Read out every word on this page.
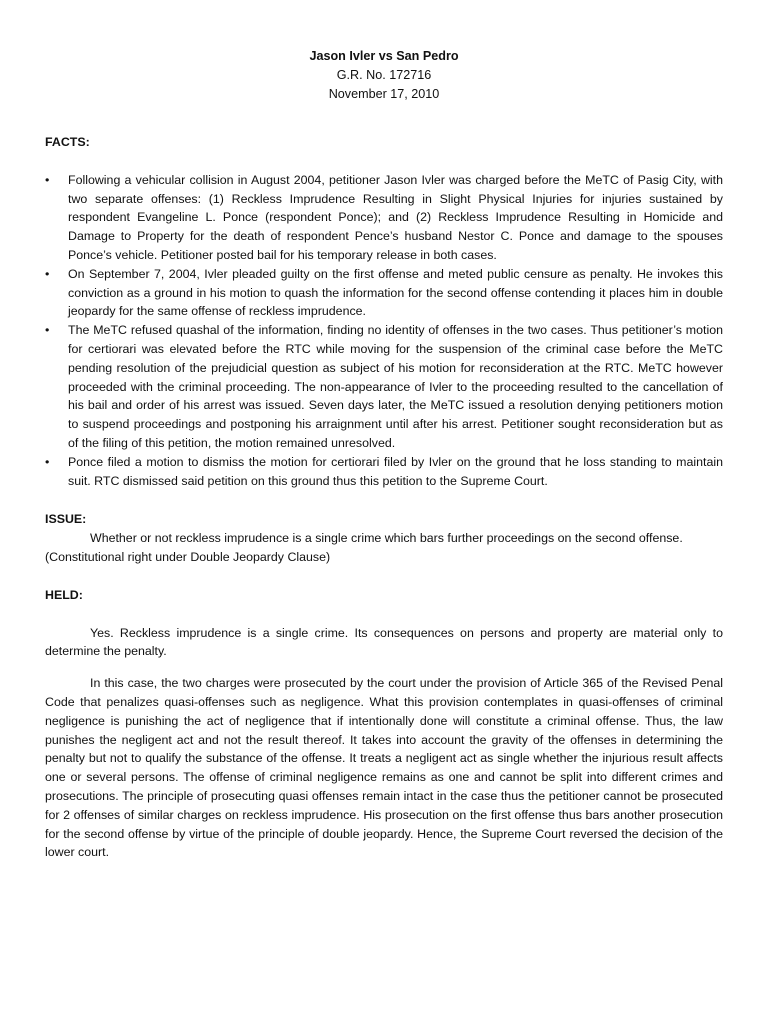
Jason Ivler vs San Pedro
G.R. No. 172716
November 17, 2010

FACTS:

•	Following a vehicular collision in August 2004, petitioner Jason Ivler was charged before the MeTC of Pasig City, with two separate offenses: (1) Reckless Imprudence Resulting in Slight Physical Injuries for injuries sustained by respondent Evangeline L. Ponce (respondent Ponce); and (2) Reckless Imprudence Resulting in Homicide and Damage to Property for the death of respondent Pence’s husband Nestor C. Ponce and damage to the spouses Ponce’s vehicle. Petitioner posted bail for his temporary release in both cases.
•	On September 7, 2004, Ivler pleaded guilty on the first offense and meted public censure as penalty. He invokes this conviction as a ground in his motion to quash the information for the second offense contending it places him in double jeopardy for the same offense of reckless imprudence.
•	The MeTC refused quashal of the information, finding no identity of offenses in the two cases. Thus petitioner’s motion for certiorari was elevated before the RTC while moving for the suspension of the criminal case before the MeTC pending resolution of the prejudicial question as subject of his motion for reconsideration at the RTC. MeTC however proceeded with the criminal proceeding. The non-appearance of Ivler to the proceeding resulted to the cancellation of his bail and order of his arrest was issued. Seven days later, the MeTC issued a resolution denying petitioners motion to suspend proceedings and postponing his arraignment until after his arrest. Petitioner sought reconsideration but as of the filing of this petition, the motion remained unresolved.
•	Ponce filed a motion to dismiss the motion for certiorari filed by Ivler on the ground that he loss standing to maintain suit. RTC dismissed said petition on this ground thus this petition to the Supreme Court.

ISSUE:

Whether or not reckless imprudence is a single crime which bars further proceedings on the second offense. (Constitutional right under Double Jeopardy Clause)

HELD:

Yes. Reckless imprudence is a single crime. Its consequences on persons and property are material only to determine the penalty.

In this case, the two charges were prosecuted by the court under the provision of Article 365 of the Revised Penal Code that penalizes quasi-offenses such as negligence. What this provision contemplates in quasi-offenses of criminal negligence is punishing the act of negligence that if intentionally done will constitute a criminal offense. Thus, the law punishes the negligent act and not the result thereof. It takes into account the gravity of the offenses in determining the penalty but not to qualify the substance of the offense. It treats a negligent act as single whether the injurious result affects one or several persons. The offense of criminal negligence remains as one and cannot be split into different crimes and prosecutions. The principle of prosecuting quasi offenses remain intact in the case thus the petitioner cannot be prosecuted for 2 offenses of similar charges on reckless imprudence. His prosecution on the first offense thus bars another prosecution for the second offense by virtue of the principle of double jeopardy. Hence, the Supreme Court reversed the decision of the lower court.
